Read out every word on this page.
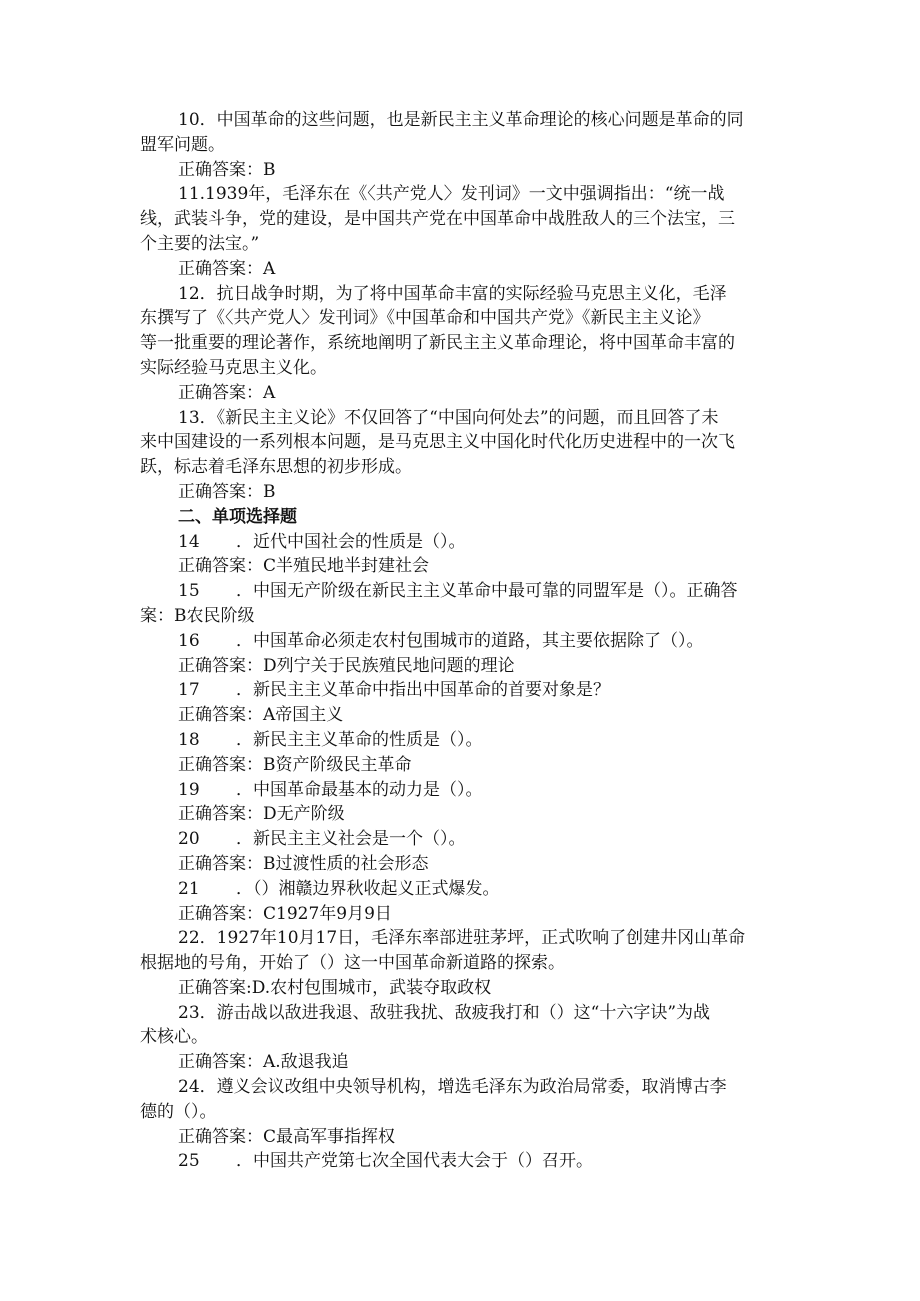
10．中国革命的这些问题，也是新民主主义革命理论的核心问题是革命的同
盟军问题。
正确答案：B
11.1939年，毛泽东在《〈共产党人〉发刊词》一文中强调指出：“统一战
线，武装斗争，党的建设，是中国共产党在中国革命中战胜敌人的三个法宝，三
个主要的法宝。”
正确答案：A
12．抗日战争时期，为了将中国革命丰富的实际经验马克思主义化，毛泽
东撰写了《〈共产党人〉发刊词》《中国革命和中国共产党》《新民主主义论》
等一批重要的理论著作，系统地阐明了新民主主义革命理论，将中国革命丰富的
实际经验马克思主义化。
正确答案：A
13．《新民主主义论》不仅回答了“中国向何处去”的问题，而且回答了未
来中国建设的一系列根本问题，是马克思主义中国化时代化历史进程中的一次飞
跃，标志着毛泽东思想的初步形成。
正确答案：B
二、单项选择题
14 ．近代中国社会的性质是（）。
正确答案：C半殖民地半封建社会
15 ．中国无产阶级在新民主主义革命中最可靠的同盟军是（）。正确答
案：B农民阶级
16 ．中国革命必须走农村包围城市的道路，其主要依据除了（）。
正确答案：D列宁关于民族殖民地问题的理论
17 ．新民主主义革命中指出中国革命的首要对象是？
正确答案：A帝国主义
18 ．新民主主义革命的性质是（）。
正确答案：B资产阶级民主革命
19 ．中国革命最基本的动力是（）。
正确答案：D无产阶级
20 ．新民主主义社会是一个（）。
正确答案：B过渡性质的社会形态
21 ．（）湘赣边界秋收起义正式爆发。
正确答案：C1927年9月9日
22．1927年10月17日，毛泽东率部进驻茅坪，正式吹响了创建井冈山革命
根据地的号角，开始了（）这一中国革命新道路的探索。
正确答案:D.农村包围城市，武装夺取政权
23．游击战以敌进我退、敌驻我扰、敌疲我打和（）这“十六字诀”为战
术核心。
正确答案：A.敌退我追
24．遵义会议改组中央领导机构，增选毛泽东为政治局常委，取消博古李
德的（）。
正确答案：C最高军事指挥权
25 ．中国共产党第七次全国代表大会于（）召开。
